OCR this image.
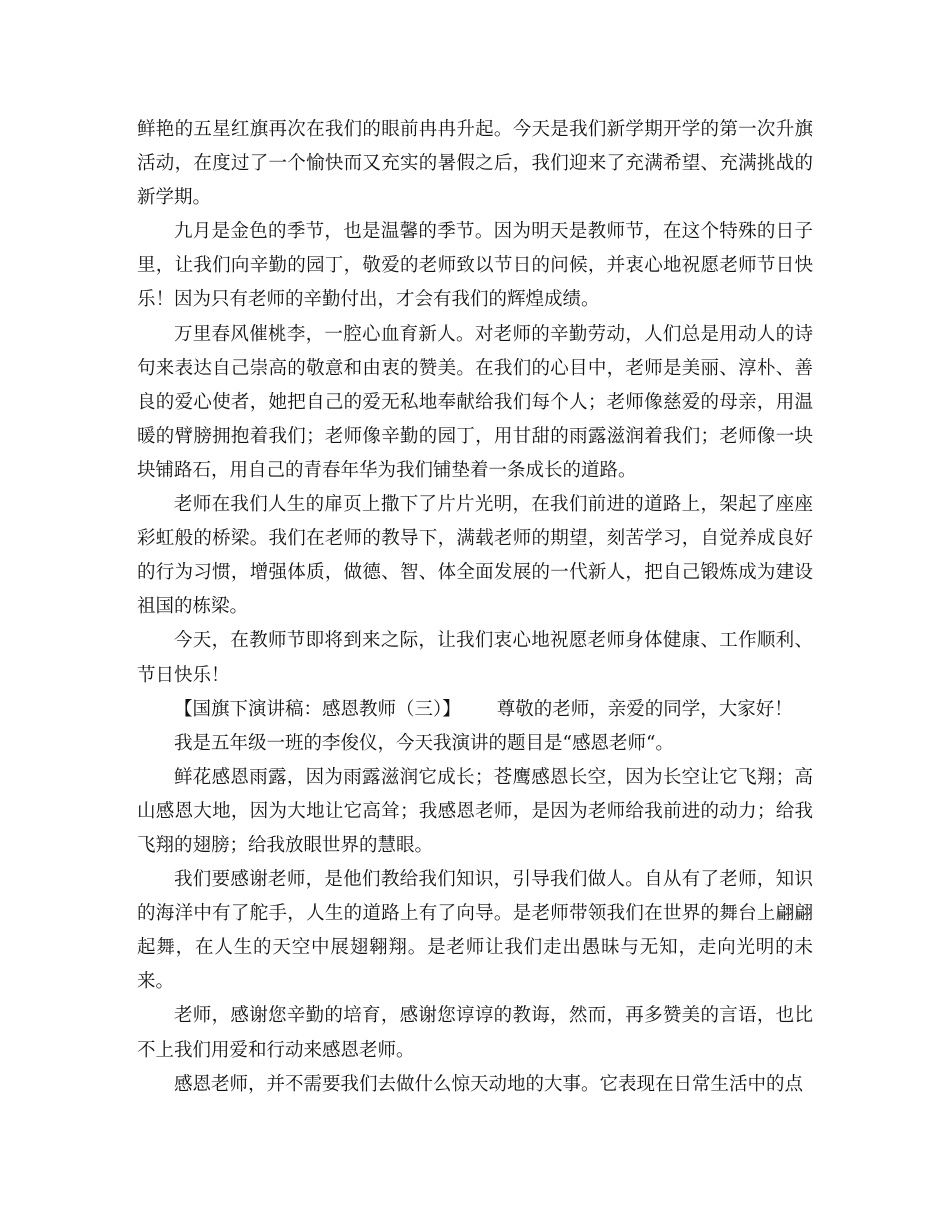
鲜艳的五星红旗再次在我们的眼前冉冉升起。今天是我们新学期开学的第一次升旗活动，在度过了一个愉快而又充实的暑假之后，我们迎来了充满希望、充满挑战的新学期。

九月是金色的季节，也是温馨的季节。因为明天是教师节，在这个特殊的日子里，让我们向辛勤的园丁，敬爱的老师致以节日的问候，并衷心地祝愿老师节日快乐！因为只有老师的辛勤付出，才会有我们的辉煌成绩。

万里春风催桃李，一腔心血育新人。对老师的辛勤劳动，人们总是用动人的诗句来表达自己崇高的敬意和由衷的赞美。在我们的心目中，老师是美丽、淳朴、善良的爱心使者，她把自己的爱无私地奉献给我们每个人；老师像慈爱的母亲，用温暖的臂膀拥抱着我们；老师像辛勤的园丁，用甘甜的雨露滋润着我们；老师像一块块铺路石，用自己的青春年华为我们铺垫着一条成长的道路。

老师在我们人生的扉页上撒下了片片光明，在我们前进的道路上，架起了座座彩虹般的桥梁。我们在老师的教导下，满载老师的期望，刻苦学习，自觉养成良好的行为习惯，增强体质，做德、智、体全面发展的一代新人，把自己锻炼成为建设祖国的栋梁。

今天，在教师节即将到来之际，让我们衷心地祝愿老师身体健康、工作顺利、节日快乐！

【国旗下演讲稿：感恩教师（三）】 尊敬的老师，亲爱的同学，大家好！

我是五年级一班的李俊仪，今天我演讲的题目是“感恩老师“。

鲜花感恩雨露，因为雨露滋润它成长；苍鹰感恩长空，因为长空让它飞翔；高山感恩大地，因为大地让它高耸；我感恩老师，是因为老师给我前进的动力；给我飞翔的翅膀；给我放眼世界的慧眼。

我们要感谢老师，是他们教给我们知识，引导我们做人。自从有了老师，知识的海洋中有了舵手，人生的道路上有了向导。是老师带领我们在世界的舞台上翩翩起舞，在人生的天空中展翅翱翔。是老师让我们走出愚昧与无知，走向光明的未来。

老师，感谢您辛勤的培育，感谢您谆谆的教诲，然而，再多赞美的言语，也比不上我们用爱和行动来感恩老师。

感恩老师，并不需要我们去做什么惊天动地的大事。它表现在日常生活中的点
